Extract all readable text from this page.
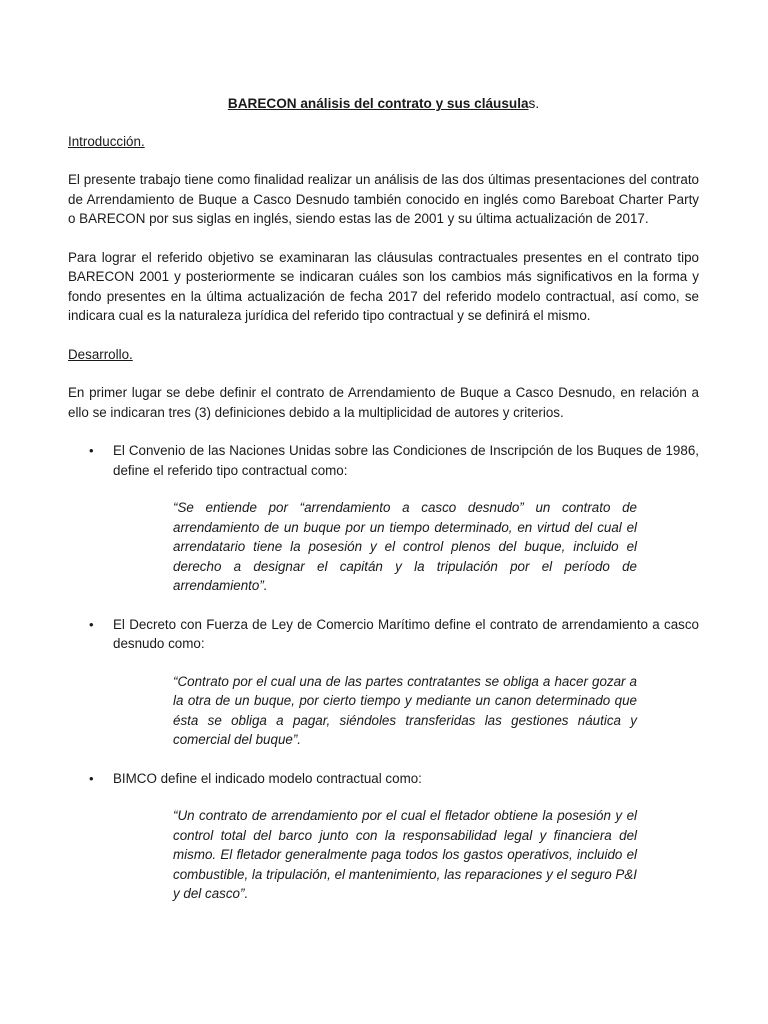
BARECON análisis del contrato y sus cláusulas.
Introducción.

El presente trabajo tiene como finalidad realizar un análisis de las dos últimas presentaciones del contrato de Arrendamiento de Buque a Casco Desnudo también conocido en inglés como Bareboat Charter Party o BARECON por sus siglas en inglés, siendo estas las de 2001 y su última actualización de 2017.

Para lograr el referido objetivo se examinaran las cláusulas contractuales presentes en el contrato tipo BARECON 2001 y posteriormente se indicaran cuáles son los cambios más significativos en la forma y fondo presentes en la última actualización de fecha 2017 del referido modelo contractual, así como, se indicara cual es la naturaleza jurídica del referido tipo contractual y se definirá el mismo.

Desarrollo.

En primer lugar se debe definir el contrato de Arrendamiento de Buque a Casco Desnudo, en relación a ello se indicaran tres (3) definiciones debido a la multiplicidad de autores y criterios.

• El Convenio de las Naciones Unidas sobre las Condiciones de Inscripción de los Buques de 1986, define el referido tipo contractual como:
“Se entiende por “arrendamiento a casco desnudo” un contrato de arrendamiento de un buque por un tiempo determinado, en virtud del cual el arrendatario tiene la posesión y el control plenos del buque, incluido el derecho a designar el capitán y la tripulación por el período de arrendamiento”.
• El Decreto con Fuerza de Ley de Comercio Marítimo define el contrato de arrendamiento a casco desnudo como:
“Contrato por el cual una de las partes contratantes se obliga a hacer gozar a la otra de un buque, por cierto tiempo y mediante un canon determinado que ésta se obliga a pagar, siéndoles transferidas las gestiones náutica y comercial del buque”.
• BIMCO define el indicado modelo contractual como:
“Un contrato de arrendamiento por el cual el fletador obtiene la posesión y el control total del barco junto con la responsabilidad legal y financiera del mismo. El fletador generalmente paga todos los gastos operativos, incluido el combustible, la tripulación, el mantenimiento, las reparaciones y el seguro P&I y del casco”.
